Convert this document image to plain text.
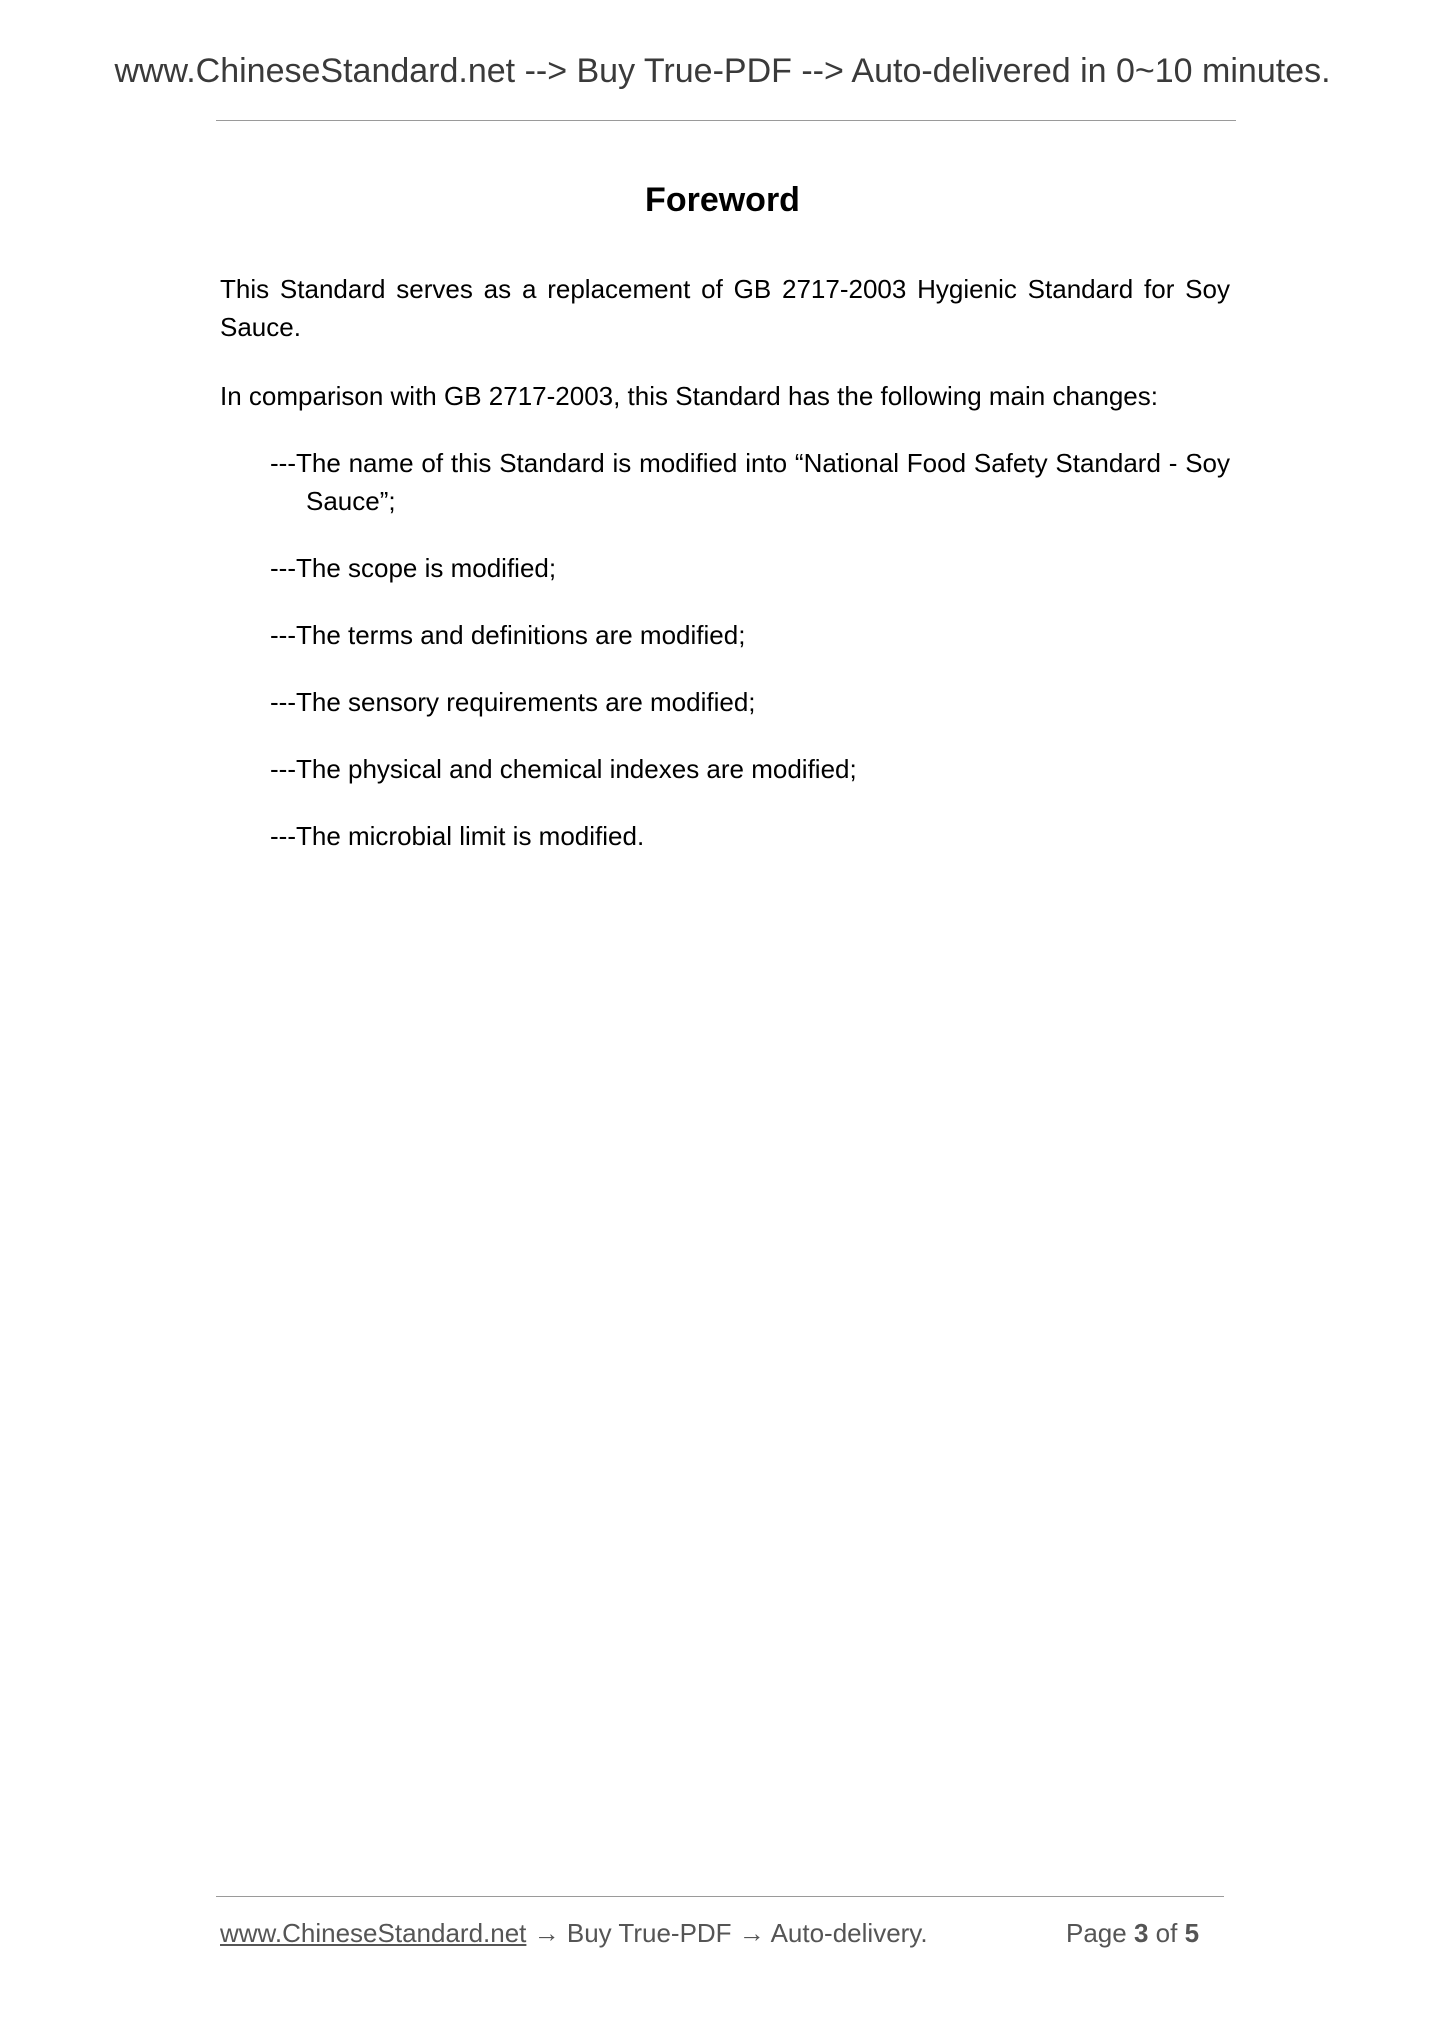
www.ChineseStandard.net --> Buy True-PDF --> Auto-delivered in 0~10 minutes.
Foreword
This Standard serves as a replacement of GB 2717-2003 Hygienic Standard for Soy Sauce.
In comparison with GB 2717-2003, this Standard has the following main changes:
---The name of this Standard is modified into “National Food Safety Standard - Soy Sauce”;
---The scope is modified;
---The terms and definitions are modified;
---The sensory requirements are modified;
---The physical and chemical indexes are modified;
---The microbial limit is modified.
www.ChineseStandard.net → Buy True-PDF → Auto-delivery.	Page 3 of 5
